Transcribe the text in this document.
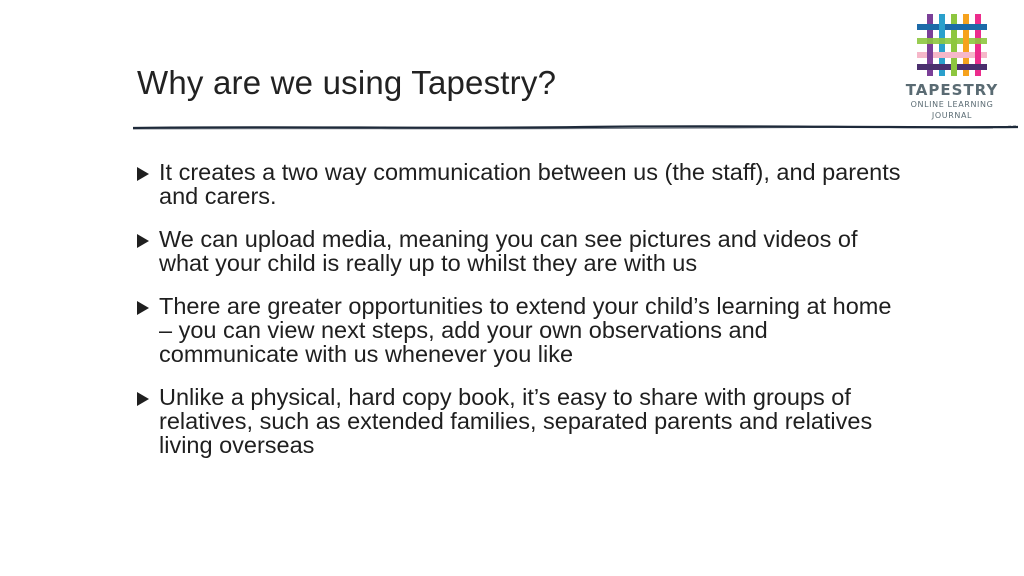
Why are we using Tapestry?	TAPESTRY
ONLINE LEARNING
JOURNAL
It creates a two way communication between us (the staff), and parents and carers.
We can upload media, meaning you can see pictures and videos of what your child is really up to whilst they are with us
There are greater opportunities to extend your child’s learning at home – you can view next steps, add your own observations and communicate with us whenever you like
Unlike a physical, hard copy book, it’s easy to share with groups of relatives, such as extended families, separated parents and relatives living overseas
